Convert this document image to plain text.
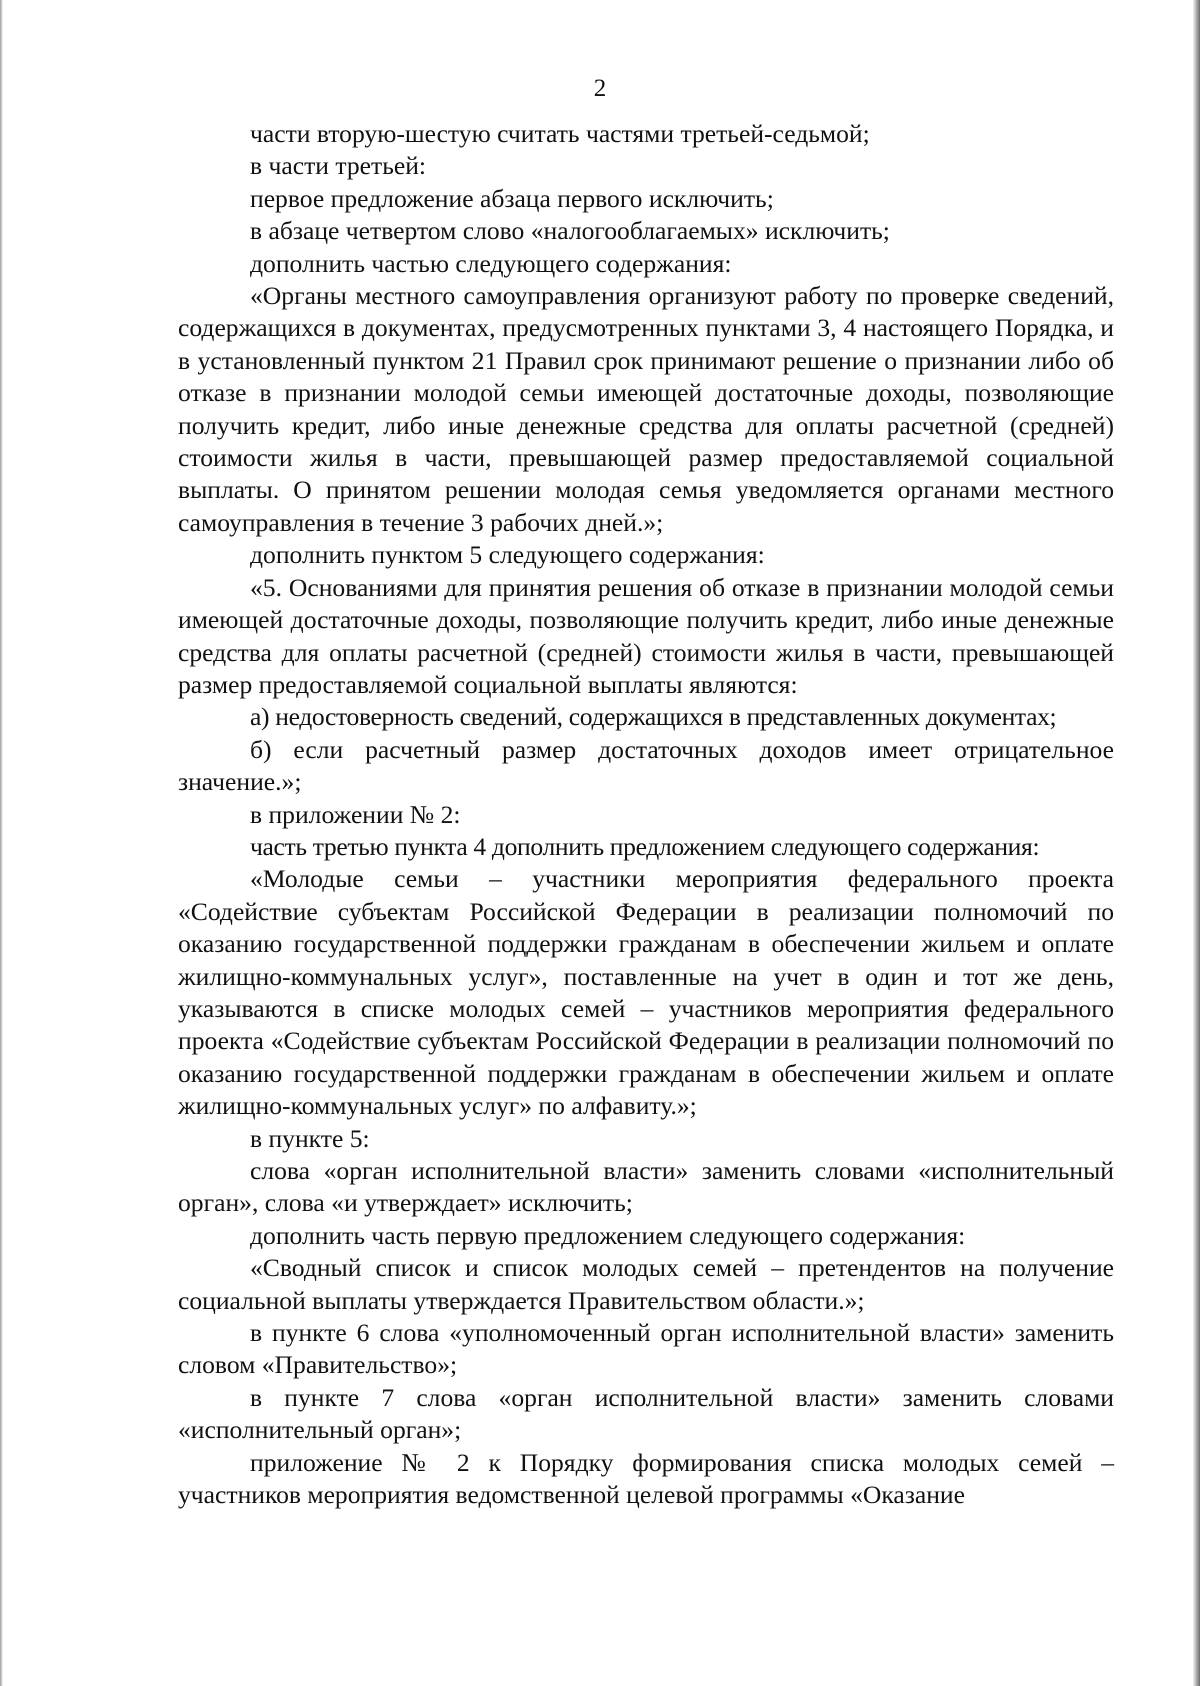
2

части вторую-шестую считать частями третьей-седьмой;

в части третьей:

первое предложение абзаца первого исключить;

в абзаце четвертом слово «налогооблагаемых» исключить;

дополнить частью следующего содержания:

«Органы местного самоуправления организуют работу по проверке сведений, содержащихся в документах, предусмотренных пунктами 3, 4 настоящего Порядка, и в установленный пунктом 21 Правил срок принимают решение о признании либо об отказе в признании молодой семьи имеющей достаточные доходы, позволяющие получить кредит, либо иные денежные средства для оплаты расчетной (средней) стоимости жилья в части, превышающей размер предоставляемой социальной выплаты. О принятом решении молодая семья уведомляется органами местного самоуправления в течение 3 рабочих дней.»;

дополнить пунктом 5 следующего содержания:

«5. Основаниями для принятия решения об отказе в признании молодой семьи имеющей достаточные доходы, позволяющие получить кредит, либо иные денежные средства для оплаты расчетной (средней) стоимости жилья в части, превышающей размер предоставляемой социальной выплаты являются:

а) недостоверность сведений, содержащихся в представленных документах;

б) если расчетный размер достаточных доходов имеет отрицательное значение.»;

в приложении № 2:

часть третью пункта 4 дополнить предложением следующего содержания:

«Молодые семьи – участники мероприятия федерального проекта «Содействие субъектам Российской Федерации в реализации полномочий по оказанию государственной поддержки гражданам в обеспечении жильем и оплате жилищно-коммунальных услуг», поставленные на учет в один и тот же день, указываются в списке молодых семей – участников мероприятия федерального проекта «Содействие субъектам Российской Федерации в реализации полномочий по оказанию государственной поддержки гражданам в обеспечении жильем и оплате жилищно-коммунальных услуг» по алфавиту.»;

в пункте 5:

слова «орган исполнительной власти» заменить словами «исполнительный орган», слова «и утверждает» исключить;

дополнить часть первую предложением следующего содержания:

«Сводный список и список молодых семей – претендентов на получение социальной выплаты утверждается Правительством области.»;

в пункте 6 слова «уполномоченный орган исполнительной власти» заменить словом «Правительство»;

в пункте 7 слова «орган исполнительной власти» заменить словами «исполнительный орган»;

приложение № 2 к Порядку формирования списка молодых семей – участников мероприятия ведомственной целевой программы «Оказание
